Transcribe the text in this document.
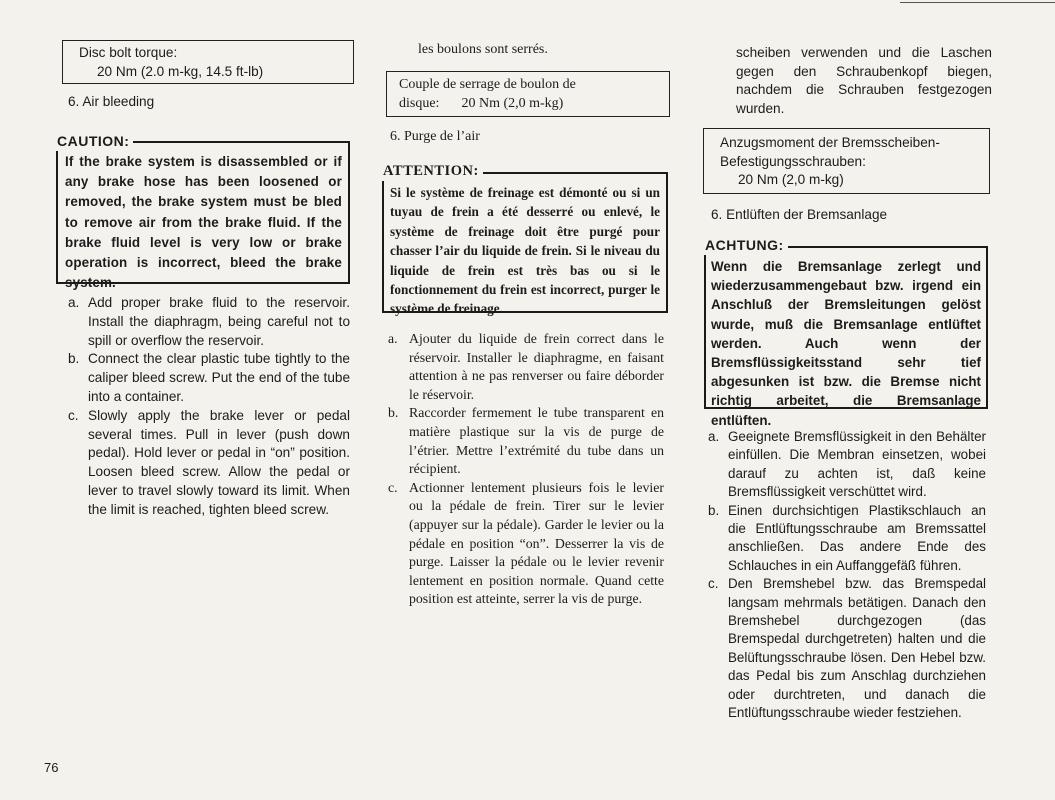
Disc bolt torque:
20 Nm (2.0 m-kg, 14.5 ft-lb)
6. Air bleeding
CAUTION:
If the brake system is disassembled or if any brake hose has been loosened or removed, the brake system must be bled to remove air from the brake fluid. If the brake fluid level is very low or brake operation is incorrect, bleed the brake system.
a. Add proper brake fluid to the reservoir. Install the diaphragm, being careful not to spill or overflow the reservoir.
b. Connect the clear plastic tube tightly to the caliper bleed screw. Put the end of the tube into a container.
c. Slowly apply the brake lever or pedal several times. Pull in lever (push down pedal). Hold lever or pedal in “on” position. Loosen bleed screw. Allow the pedal or lever to travel slowly toward its limit. When the limit is reached, tighten bleed screw.
les boulons sont serrés.
Couple de serrage de boulon de
disque: 20 Nm (2,0 m-kg)
6. Purge de l’air
ATTENTION:
Si le système de freinage est démonté ou si un tuyau de frein a été desserré ou enlevé, le système de freinage doit être purgé pour chasser l’air du liquide de frein. Si le niveau du liquide de frein est très bas ou si le fonctionnement du frein est incorrect, purger le système de freinage.
a. Ajouter du liquide de frein correct dans le réservoir. Installer le diaphragme, en faisant attention à ne pas renverser ou faire déborder le réservoir.
b. Raccorder fermement le tube transparent en matière plastique sur la vis de purge de l’étrier. Mettre l’extrémité du tube dans un récipient.
c. Actionner lentement plusieurs fois le levier ou la pédale de frein. Tirer sur le levier (appuyer sur la pédale). Garder le levier ou la pédale en position “on”. Desserrer la vis de purge. Laisser la pédale ou le levier revenir lentement en position normale. Quand cette position est atteinte, serrer la vis de purge.
scheiben verwenden und die Laschen gegen den Schraubenkopf biegen, nachdem die Schrauben festgezogen wurden.
Anzugsmoment der Bremsscheiben-
Befestigungsschrauben:
20 Nm (2,0 m-kg)
6. Entlüften der Bremsanlage
ACHTUNG:
Wenn die Bremsanlage zerlegt und wiederzusammengebaut bzw. irgend ein Anschluß der Bremsleitungen gelöst wurde, muß die Bremsanlage entlüftet werden. Auch wenn der Bremsflüssigkeitsstand sehr tief abgesunken ist bzw. die Bremse nicht richtig arbeitet, die Bremsanlage entlüften.
a. Geeignete Bremsflüssigkeit in den Behälter einfüllen. Die Membran einsetzen, wobei darauf zu achten ist, daß keine Bremsflüssigkeit verschüttet wird.
b. Einen durchsichtigen Plastikschlauch an die Entlüftungsschraube am Bremssattel anschließen. Das andere Ende des Schlauches in ein Auffanggefäß führen.
c. Den Bremshebel bzw. das Bremspedal langsam mehrmals betätigen. Danach den Bremshebel durchgezogen (das Bremspedal durchgetreten) halten und die Belüftungsschraube lösen. Den Hebel bzw. das Pedal bis zum Anschlag durchziehen oder durchtreten, und danach die Entlüftungsschraube wieder festziehen.
76
